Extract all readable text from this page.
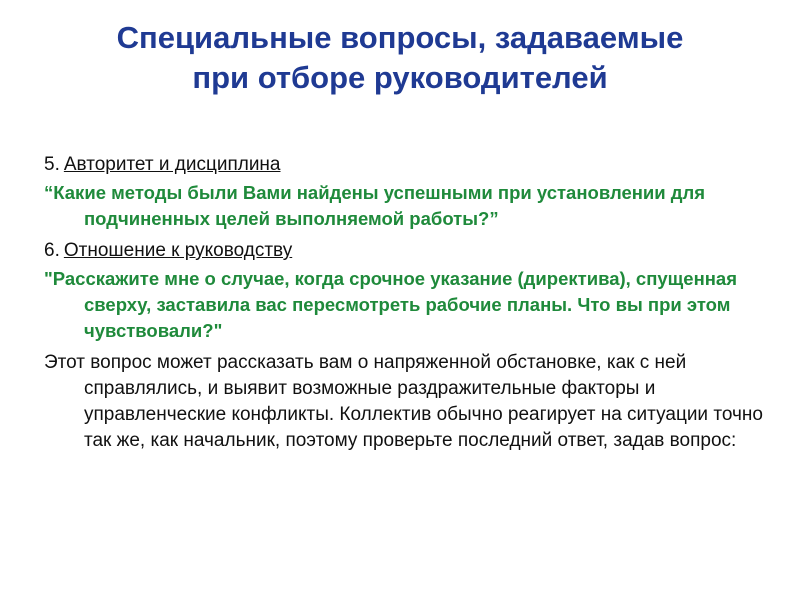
Специальные вопросы, задаваемые
при отборе руководителей
5. Авторитет и дисциплина
“Какие методы были Вами найдены успешными при установлении для подчиненных целей выполняемой работы?”
6. Отношение к руководству
"Расскажите мне о случае, когда срочное указание (директива), спущенная сверху, заставила вас пересмотреть рабочие планы. Что вы при этом чувствовали?"
Этот вопрос может рассказать вам о напряженной обстановке, как с ней справлялись, и выявит возможные раздражительные факторы и управленческие конфликты. Коллектив обычно реагирует на ситуации точно так же, как начальник, поэтому проверьте последний ответ, задав вопрос:
